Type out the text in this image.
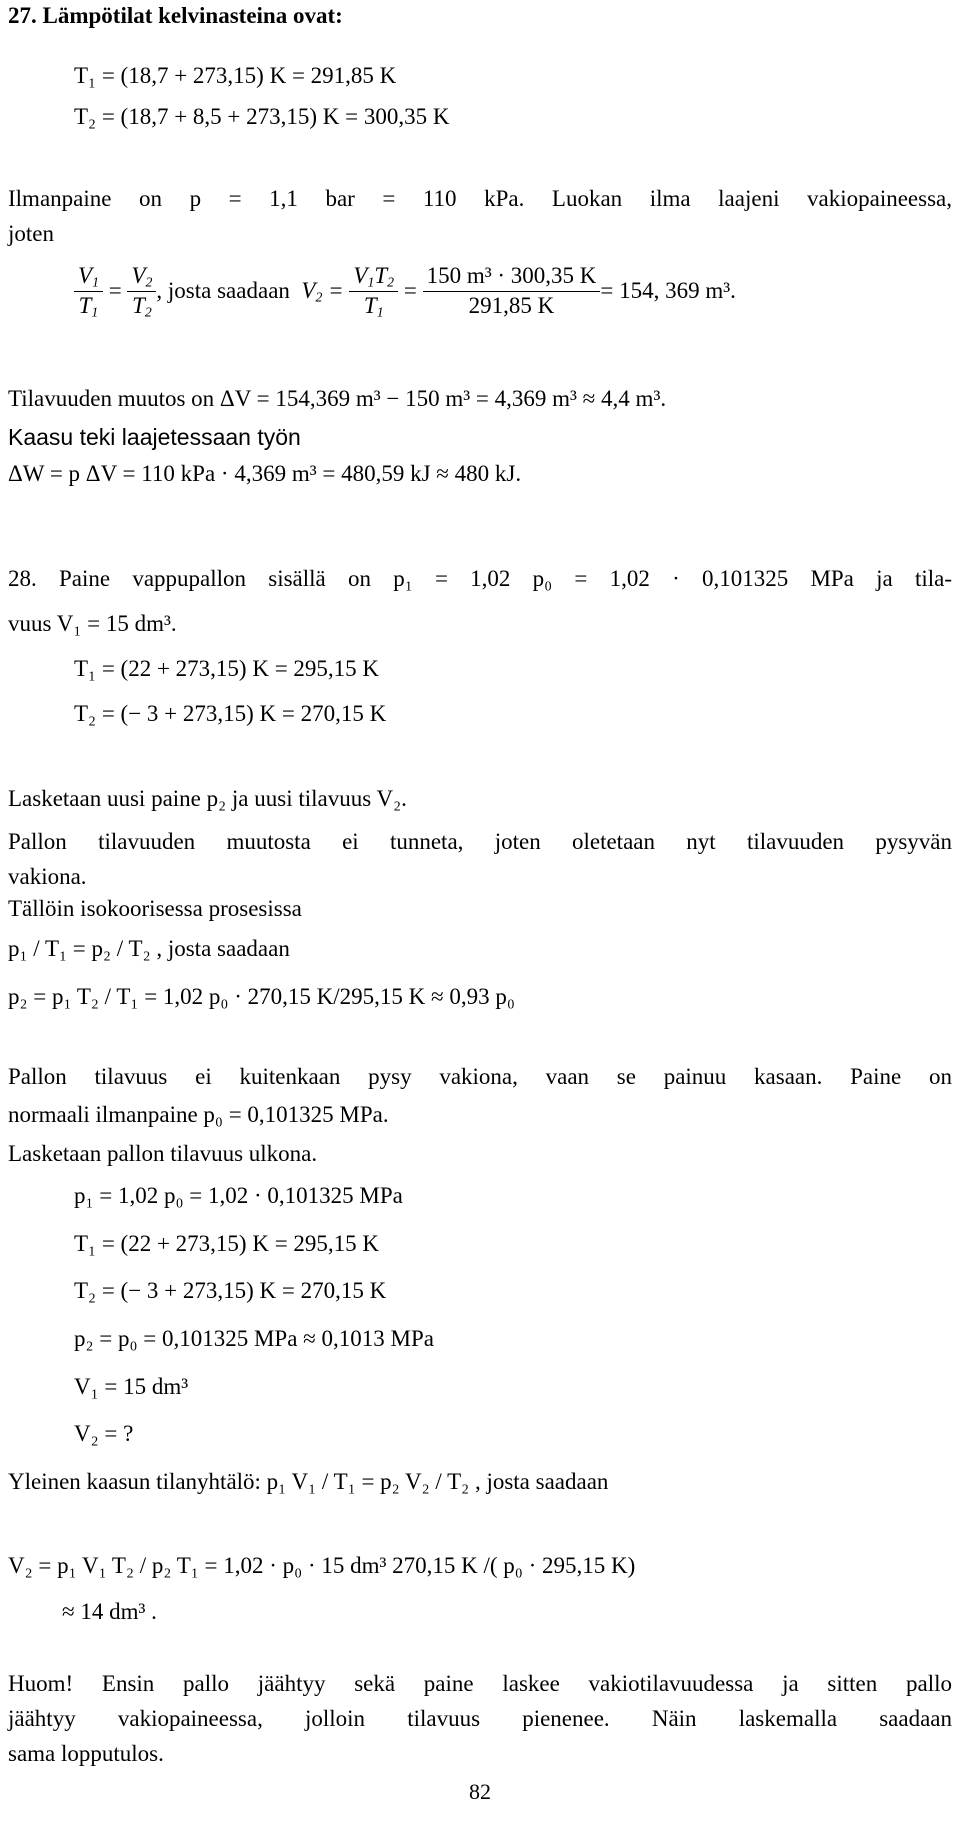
27. Lämpötilat kelvinasteina ovat:
T₁ = (18,7 + 273,15) K = 291,85 K
T₂ = (18,7 + 8,5 + 273,15) K = 300,35 K
Ilmanpaine on p = 1,1 bar = 110 kPa. Luokan ilma laajeni vakiopaineessa,
joten
$\frac{V_1}{T_1} = \frac{V_2}{T_2}$ , josta saadaan  $V_2 = \frac{V_1T_2}{T_1} = \frac{\text{150 m³ · 300,35 K}}{291,85 K} = 154$, 369 m³.
Tilavuuden muutos on ΔV = 154,369 m³ − 150 m³ = 4,369 m³ ≈ 4,4 m³.
Kaasu teki laajetessaan työn
ΔW = p ΔV = 110 kPa · 4,369 m³ = 480,59 kJ ≈ 480 kJ.
28. Paine vappupallon sisällä on p₁ = 1,02 p₀ = 1,02 · 0,101325 MPa ja tila-
vuus V₁ = 15 dm³.
T₁ = (22 + 273,15) K = 295,15 K
T₂ = (− 3 + 273,15) K = 270,15 K
Lasketaan uusi paine p₂ ja uusi tilavuus V₂.
Pallon tilavuuden muutosta ei tunneta, joten oletetaan nyt tilavuuden pysyvän
vakiona.
Tällöin isokoorisessa prosesissa
p₁ / T₁ = p₂ / T₂ , josta saadaan
p₂ = p₁ T₂ / T₁ = 1,02 p₀ · 270,15 K/295,15 K ≈ 0,93 p₀
Pallon tilavuus ei kuitenkaan pysy vakiona, vaan se painuu kasaan. Paine on
normaali ilmanpaine p₀ = 0,101325 MPa.
Lasketaan pallon tilavuus ulkona.
p₁ = 1,02 p₀ = 1,02 · 0,101325 MPa
T₁ = (22 + 273,15) K = 295,15 K
T₂ = (− 3 + 273,15) K = 270,15 K
p₂ = p₀ = 0,101325 MPa ≈ 0,1013 MPa
V₁ = 15 dm³
V₂ = ?
Yleinen kaasun tilanyhtälö: p₁ V₁ / T₁ = p₂ V₂ / T₂ , josta saadaan
V₂ = p₁ V₁ T₂ / p₂ T₁ = 1,02 · p₀ · 15 dm³ 270,15 K /( p₀ · 295,15 K)
≈ 14 dm³ .
Huom! Ensin pallo jäähtyy sekä paine laskee vakiotilavuudessa ja sitten pallo
jäähtyy vakiopaineessa, jolloin tilavuus pienenee. Näin laskemalla saadaan
sama lopputulos.
82
